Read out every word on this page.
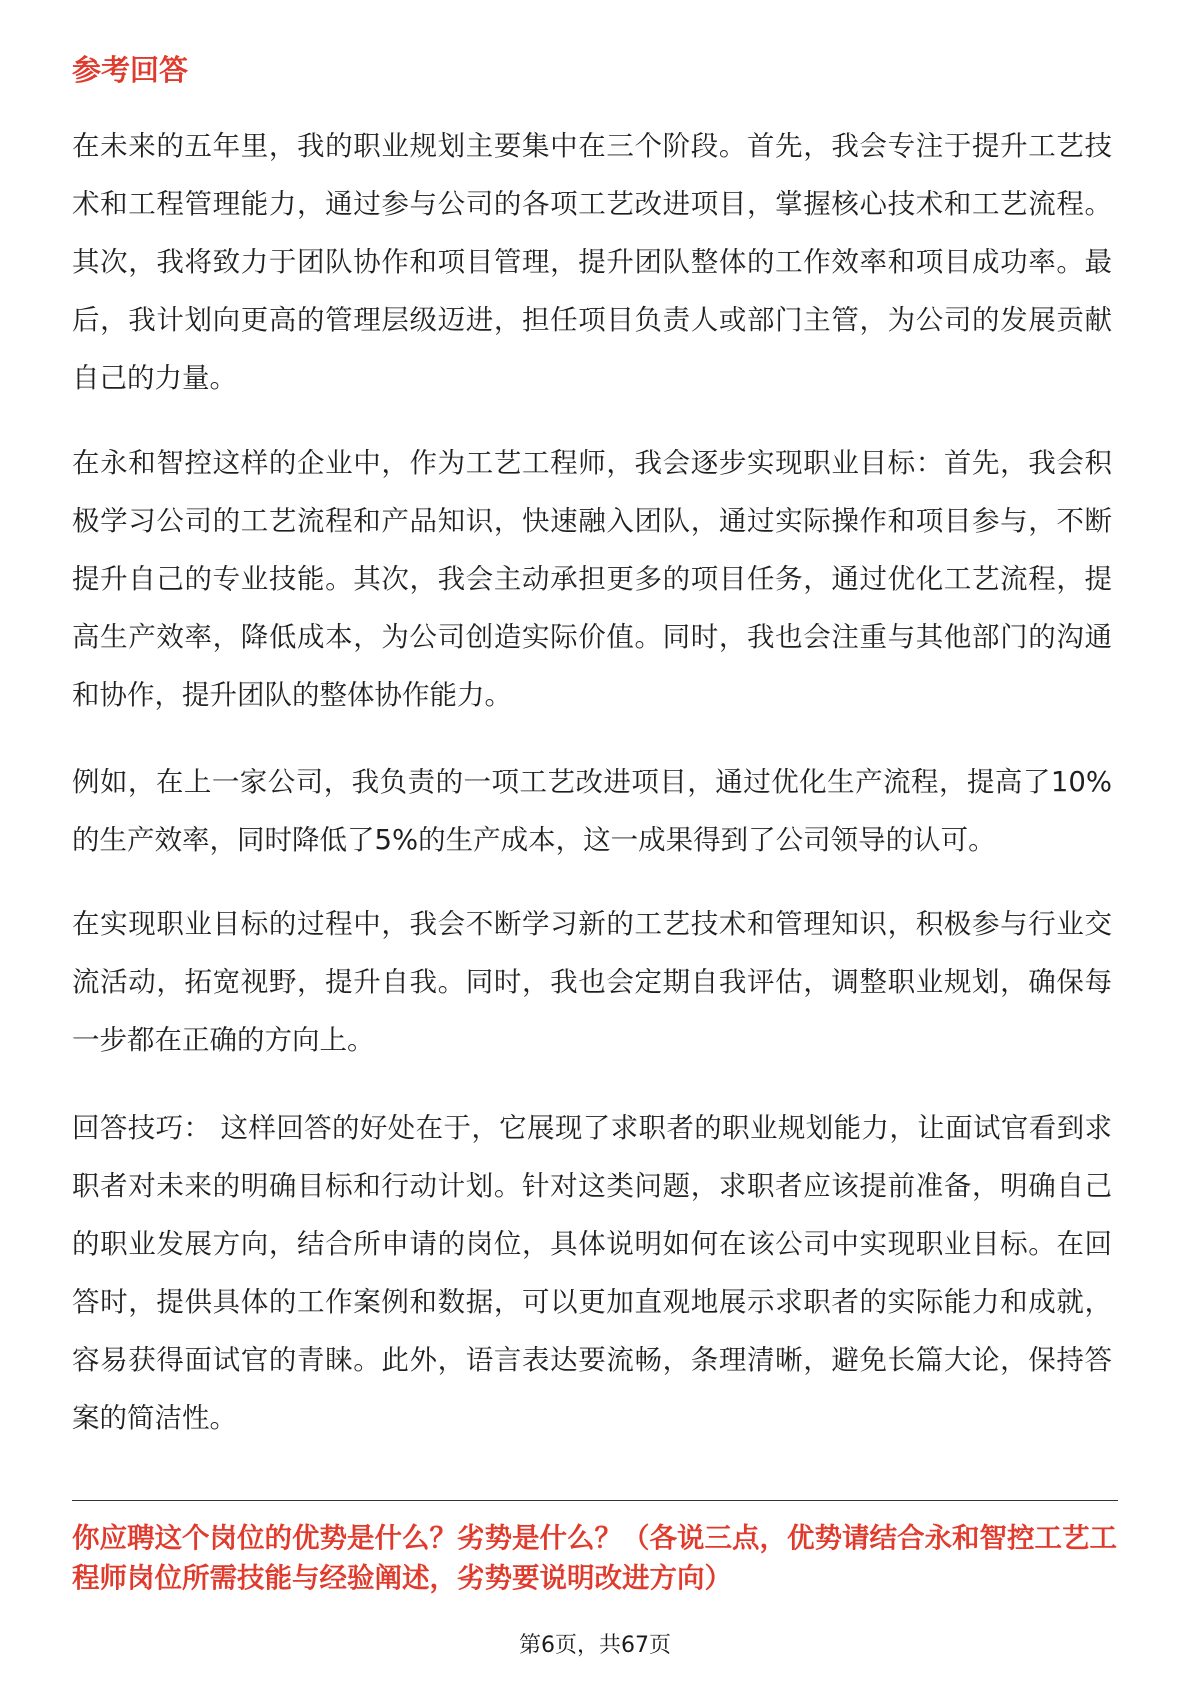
参考回答

在未来的五年里，我的职业规划主要集中在三个阶段。首先，我会专注于提升工艺技术和工程管理能力，通过参与公司的各项工艺改进项目，掌握核心技术和工艺流程。其次，我将致力于团队协作和项目管理，提升团队整体的工作效率和项目成功率。最后，我计划向更高的管理层级迈进，担任项目负责人或部门主管，为公司的发展贡献自己的力量。

在永和智控这样的企业中，作为工艺工程师，我会逐步实现职业目标：首先，我会积极学习公司的工艺流程和产品知识，快速融入团队，通过实际操作和项目参与，不断提升自己的专业技能。其次，我会主动承担更多的项目任务，通过优化工艺流程，提高生产效率，降低成本，为公司创造实际价值。同时，我也会注重与其他部门的沟通和协作，提升团队的整体协作能力。

例如，在上一家公司，我负责的一项工艺改进项目，通过优化生产流程，提高了10%的生产效率，同时降低了5%的生产成本，这一成果得到了公司领导的认可。

在实现职业目标的过程中，我会不断学习新的工艺技术和管理知识，积极参与行业交流活动，拓宽视野，提升自我。同时，我也会定期自我评估，调整职业规划，确保每一步都在正确的方向上。

回答技巧： 这样回答的好处在于，它展现了求职者的职业规划能力，让面试官看到求职者对未来的明确目标和行动计划。针对这类问题，求职者应该提前准备，明确自己的职业发展方向，结合所申请的岗位，具体说明如何在该公司中实现职业目标。在回答时，提供具体的工作案例和数据，可以更加直观地展示求职者的实际能力和成就，容易获得面试官的青睐。此外，语言表达要流畅，条理清晰，避免长篇大论，保持答案的简洁性。

你应聘这个岗位的优势是什么？劣势是什么？（各说三点，优势请结合永和智控工艺工程师岗位所需技能与经验阐述，劣势要说明改进方向）
第6页，共67页
